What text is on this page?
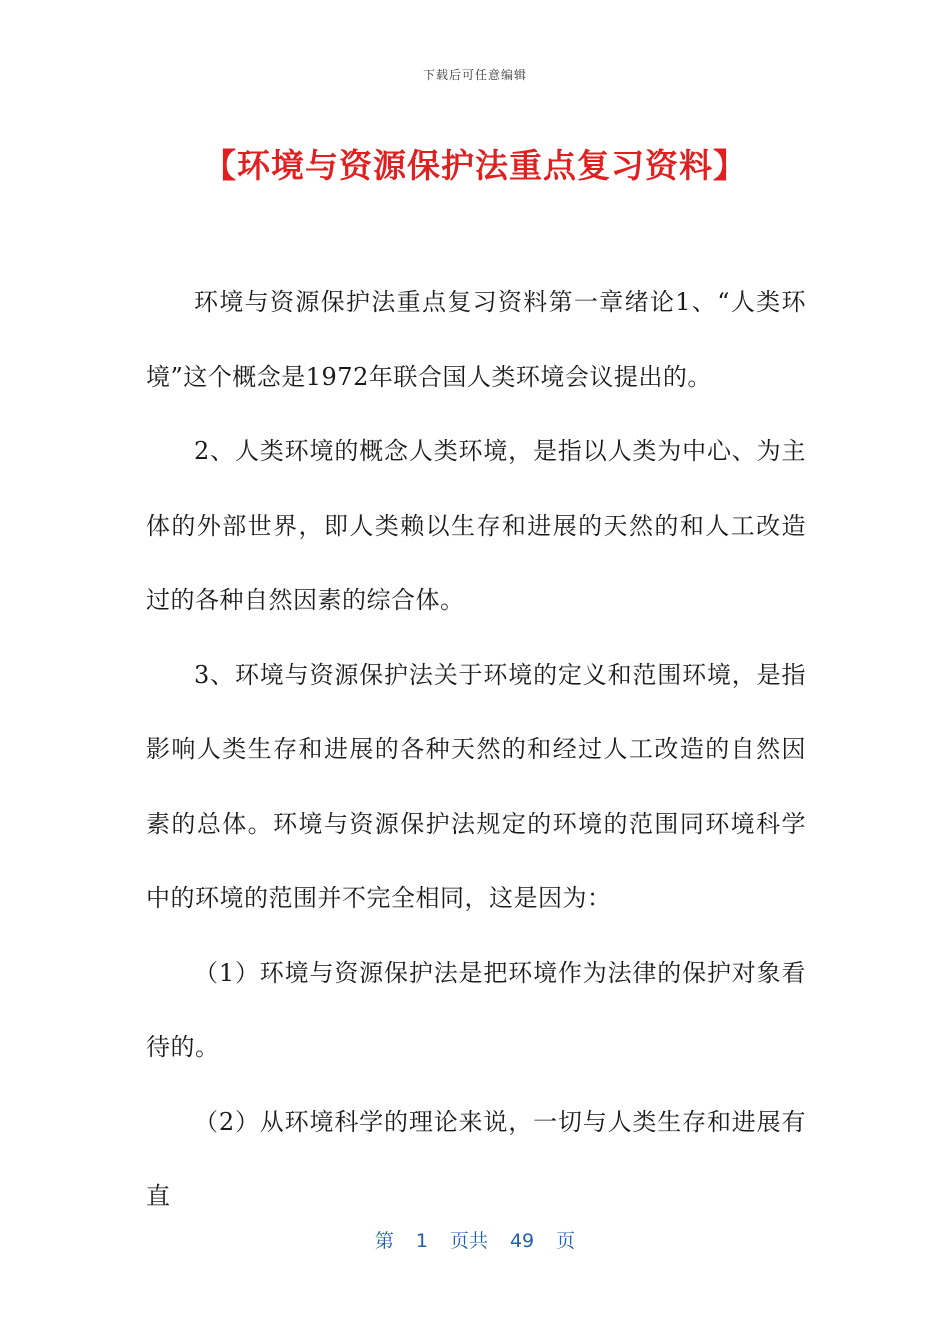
下载后可任意编辑
【环境与资源保护法重点复习资料】

环境与资源保护法重点复习资料第一章绪论1、“人类环境”这个概念是1972年联合国人类环境会议提出的。

2、人类环境的概念人类环境，是指以人类为中心、为主体的外部世界，即人类赖以生存和进展的天然的和人工改造过的各种自然因素的综合体。

3、环境与资源保护法关于环境的定义和范围环境，是指影响人类生存和进展的各种天然的和经过人工改造的自然因素的总体。环境与资源保护法规定的环境的范围同环境科学中的环境的范围并不完全相同，这是因为：

（1）环境与资源保护法是把环境作为法律的保护对象看待的。

（2）从环境科学的理论来说，一切与人类生存和进展有直

第 1 页共 49 页
